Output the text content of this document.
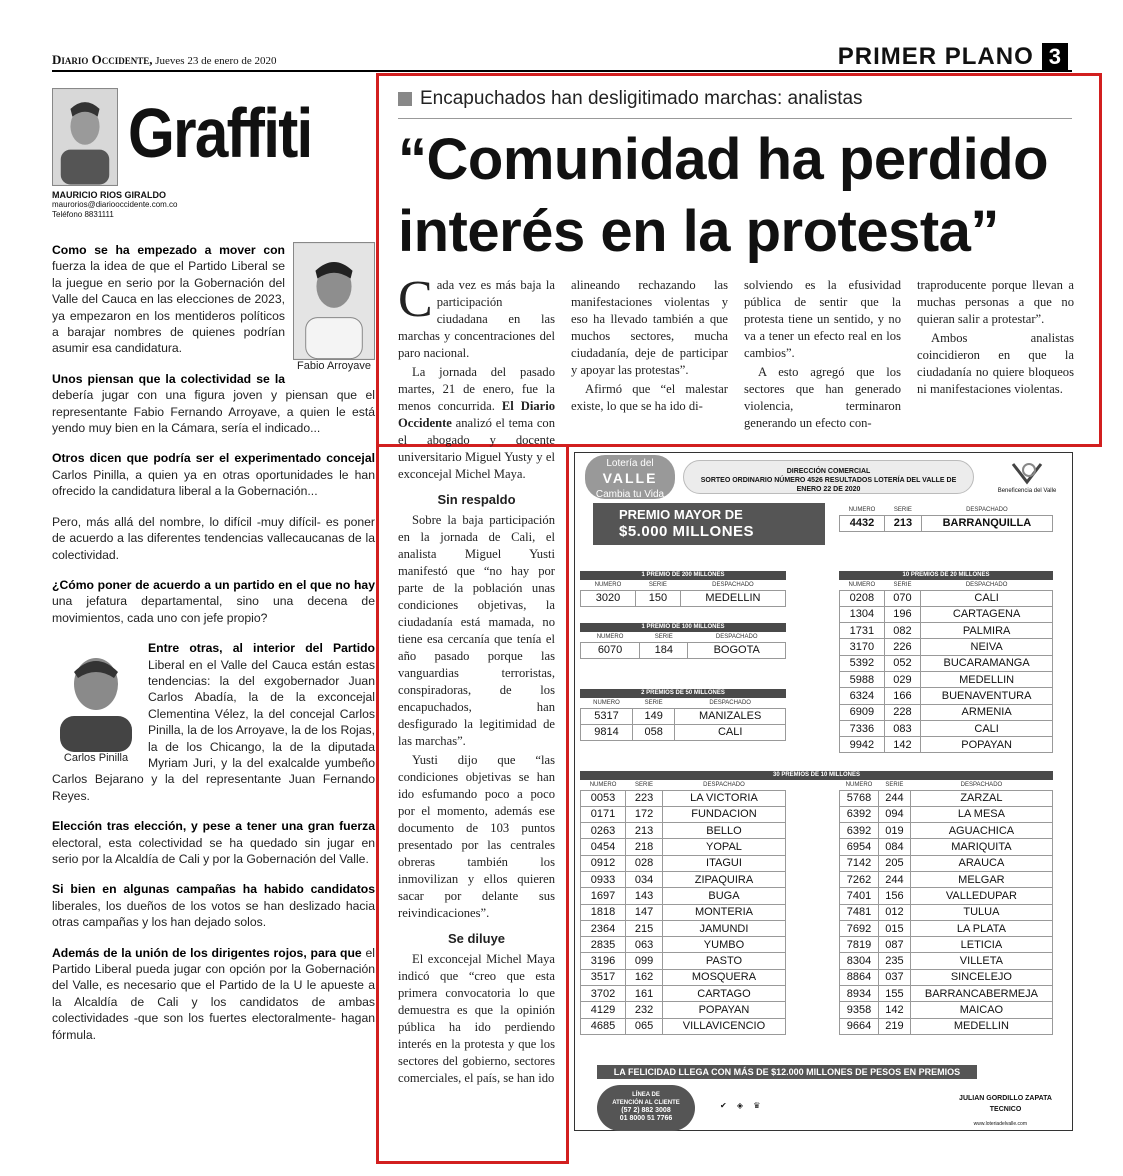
Diario Occidente, Jueves 23 de enero de 2020	PRIMER PLANO 3
Graffiti
MAURICIO RIOS GIRALDO
maurorios@diariooccidente.com.co
Teléfono 8831111
Fabio Arroyave

Como se ha empezado a mover con fuerza la idea de que el Partido Liberal se la juegue en serio por la Gobernación del Valle del Cauca en las elecciones de 2023, ya empezaron en los mentideros políticos a barajar nombres de quienes podrían asumir esa candidatura.

Unos piensan que la colectividad se la debería jugar con una figura joven y piensan que el representante Fabio Fernando Arroyave, a quien le está yendo muy bien en la Cámara, sería el indicado...

Otros dicen que podría ser el experimentado concejal Carlos Pinilla, a quien ya en otras oportunidades le han ofrecido la candidatura liberal a la Gobernación...

Pero, más allá del nombre, lo difícil -muy difícil- es poner de acuerdo a las diferentes tendencias vallecaucanas de la colectividad.

¿Cómo poner de acuerdo a un partido en el que no hay una jefatura departamental, sino una decena de movimientos, cada uno con jefe propio?

Carlos Pinilla

Entre otras, al interior del Partido Liberal en el Valle del Cauca están estas tendencias: la del exgobernador Juan Carlos Abadía, la de la exconcejal Clementina Vélez, la del concejal Carlos Pinilla, la de los Arroyave, la de los Rojas, la de los Chicango, la de la diputada Myriam Juri, y la del exalcalde yumbeño Carlos Bejarano y la del representante Juan Fernando Reyes.

Elección tras elección, y pese a tener una gran fuerza electoral, esta colectividad se ha quedado sin jugar en serio por la Alcaldía de Cali y por la Gobernación del Valle.

Si bien en algunas campañas ha habido candidatos liberales, los dueños de los votos se han deslizado hacia otras campañas y los han dejado solos.

Además de la unión de los dirigentes rojos, para que el Partido Liberal pueda jugar con opción por la Gobernación del Valle, es necesario que el Partido de la U le apueste a la Alcaldía de Cali y los candidatos de ambas colectividades -que son los fuertes electoralmente- hagan fórmula.

Encapuchados han desligitimado marchas: analistas
“Comunidad ha perdido interés en la protesta”

Cada vez es más baja la participación ciudadana en las marchas y concentraciones del paro nacional.

La jornada del pasado martes, 21 de enero, fue la menos concurrida. El Diario Occidente analizó el tema con el abogado y docente universitario Miguel Yusty y el exconcejal Michel Maya.

Sin respaldo

Sobre la baja participación en la jornada de Cali, el analista Miguel Yusti manifestó que “no hay por parte de la población unas condiciones objetivas, la ciudadanía está mamada, no tiene esa cercanía que tenía el año pasado porque las vanguardias terroristas, conspiradoras, de los encapuchados, han desfigurado la legitimidad de las marchas”.

Yusti dijo que “las condiciones objetivas se han ido esfumando poco a poco por el momento, además ese documento de 103 puntos presentado por las centrales obreras también los inmovilizan y ellos quieren sacar por delante sus reivindicaciones”.

Se diluye

El exconcejal Michel Maya indicó que “creo que esta primera convocatoria lo que demuestra es que la opinión pública ha ido perdiendo interés en la protesta y que los sectores del gobierno, sectores comerciales, el país, se han ido

alineando rechazando las manifestaciones violentas y eso ha llevado también a que muchos sectores, mucha ciudadanía, deje de participar y apoyar las protestas”.

Afirmó que “el malestar existe, lo que se ha ido di-

solviendo es la efusividad pública de sentir que la protesta tiene un sentido, y no va a tener un efecto real en los cambios”.

A esto agregó que los sectores que han generado violencia, terminaron generando un efecto con-

traproducente porque llevan a muchas personas a que no quieran salir a protestar”.

Ambos analistas coincidieron en que la ciudadanía no quiere bloqueos ni manifestaciones violentas.

Lotería del
VALLE
Cambia tu Vida
DIRECCIÓN COMERCIAL
SORTEO ORDINARIO NÚMERO 4526 RESULTADOS LOTERÍA DEL VALLE DE
ENERO 22 DE 2020	Beneficencia del Valle
PREMIO MAYOR DE
$5.000 MILLONES
NUMERO	SERIE	DESPACHADO
4432	213	BARRANQUILLA
1 PREMIO DE 200 MILLONES
NUMERO	SERIE	DESPACHADO
3020	150	MEDELLIN
1 PREMIO DE 100 MILLONES
NUMERO	SERIE	DESPACHADO
6070	184	BOGOTA
2 PREMIOS DE 50 MILLONES
NUMERO	SERIE	DESPACHADO
5317	149	MANIZALES
9814	058	CALI
10 PREMIOS DE 20 MILLONES
NUMERO	SERIE	DESPACHADO
0208	070	CALI
1304	196	CARTAGENA
1731	082	PALMIRA
3170	226	NEIVA
5392	052	BUCARAMANGA
5988	029	MEDELLIN
6324	166	BUENAVENTURA
6909	228	ARMENIA
7336	083	CALI
9942	142	POPAYAN
30 PREMIOS DE 10 MILLONES
NUMERO	SERIE	DESPACHADO
0053	223	LA VICTORIA
0171	172	FUNDACION
0263	213	BELLO
0454	218	YOPAL
0912	028	ITAGUI
0933	034	ZIPAQUIRA
1697	143	BUGA
1818	147	MONTERIA
2364	215	JAMUNDI
2835	063	YUMBO
3196	099	PASTO
3517	162	MOSQUERA
3702	161	CARTAGO
4129	232	POPAYAN
4685	065	VILLAVICENCIO
NUMERO	SERIE	DESPACHADO
5768	244	ZARZAL
6392	094	LA MESA
6392	019	AGUACHICA
6954	084	MARIQUITA
7142	205	ARAUCA
7262	244	MELGAR
7401	156	VALLEDUPAR
7481	012	TULUA
7692	015	LA PLATA
7819	087	LETICIA
8304	235	VILLETA
8864	037	SINCELEJO
8934	155	BARRANCABERMEJA
9358	142	MAICAO
9664	219	MEDELLIN
LA FELICIDAD LLEGA CON MÁS DE $12.000 MILLONES DE PESOS EN PREMIOS
LÍNEA DE
ATENCIÓN AL CLIENTE
(57 2) 882 3008
01 8000 51 7766
✔ ◈ ♛
JULIAN GORDILLO ZAPATA
TECNICO
www.loteriadelvalle.com
